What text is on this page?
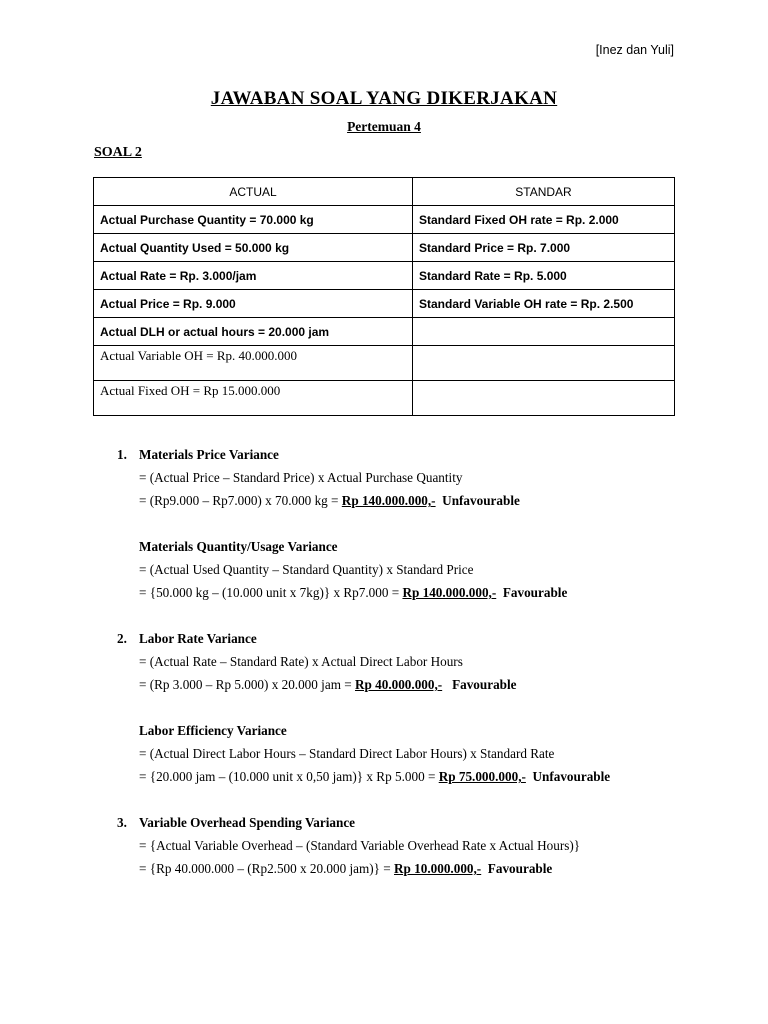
[Inez dan Yuli]
JAWABAN SOAL YANG DIKERJAKAN
Pertemuan 4
SOAL 2
ACTUAL	STANDAR
Actual Purchase Quantity = 70.000 kg	Standard Fixed OH rate = Rp. 2.000
Actual Quantity Used = 50.000 kg	Standard Price = Rp. 7.000
Actual Rate = Rp. 3.000/jam	Standard Rate = Rp. 5.000
Actual Price = Rp. 9.000	Standard Variable OH rate = Rp. 2.500
Actual DLH or actual hours = 20.000 jam	
Actual Variable OH = Rp. 40.000.000	
Actual Fixed OH = Rp 15.000.000	
1. Materials Price Variance
= (Actual Price – Standard Price) x Actual Purchase Quantity
= (Rp9.000 – Rp7.000) x 70.000 kg = Rp 140.000.000,- Unfavourable
Materials Quantity/Usage Variance
= (Actual Used Quantity – Standard Quantity) x Standard Price
= {50.000 kg – (10.000 unit x 7kg)} x Rp7.000 = Rp 140.000.000,- Favourable
2. Labor Rate Variance
= (Actual Rate – Standard Rate) x Actual Direct Labor Hours
= (Rp 3.000 – Rp 5.000) x 20.000 jam = Rp 40.000.000,- Favourable
Labor Efficiency Variance
= (Actual Direct Labor Hours – Standard Direct Labor Hours) x Standard Rate
= {20.000 jam – (10.000 unit x 0,50 jam)} x Rp 5.000 = Rp 75.000.000,- Unfavourable
3. Variable Overhead Spending Variance
= {Actual Variable Overhead – (Standard Variable Overhead Rate x Actual Hours)}
= {Rp 40.000.000 – (Rp2.500 x 20.000 jam)} = Rp 10.000.000,- Favourable
